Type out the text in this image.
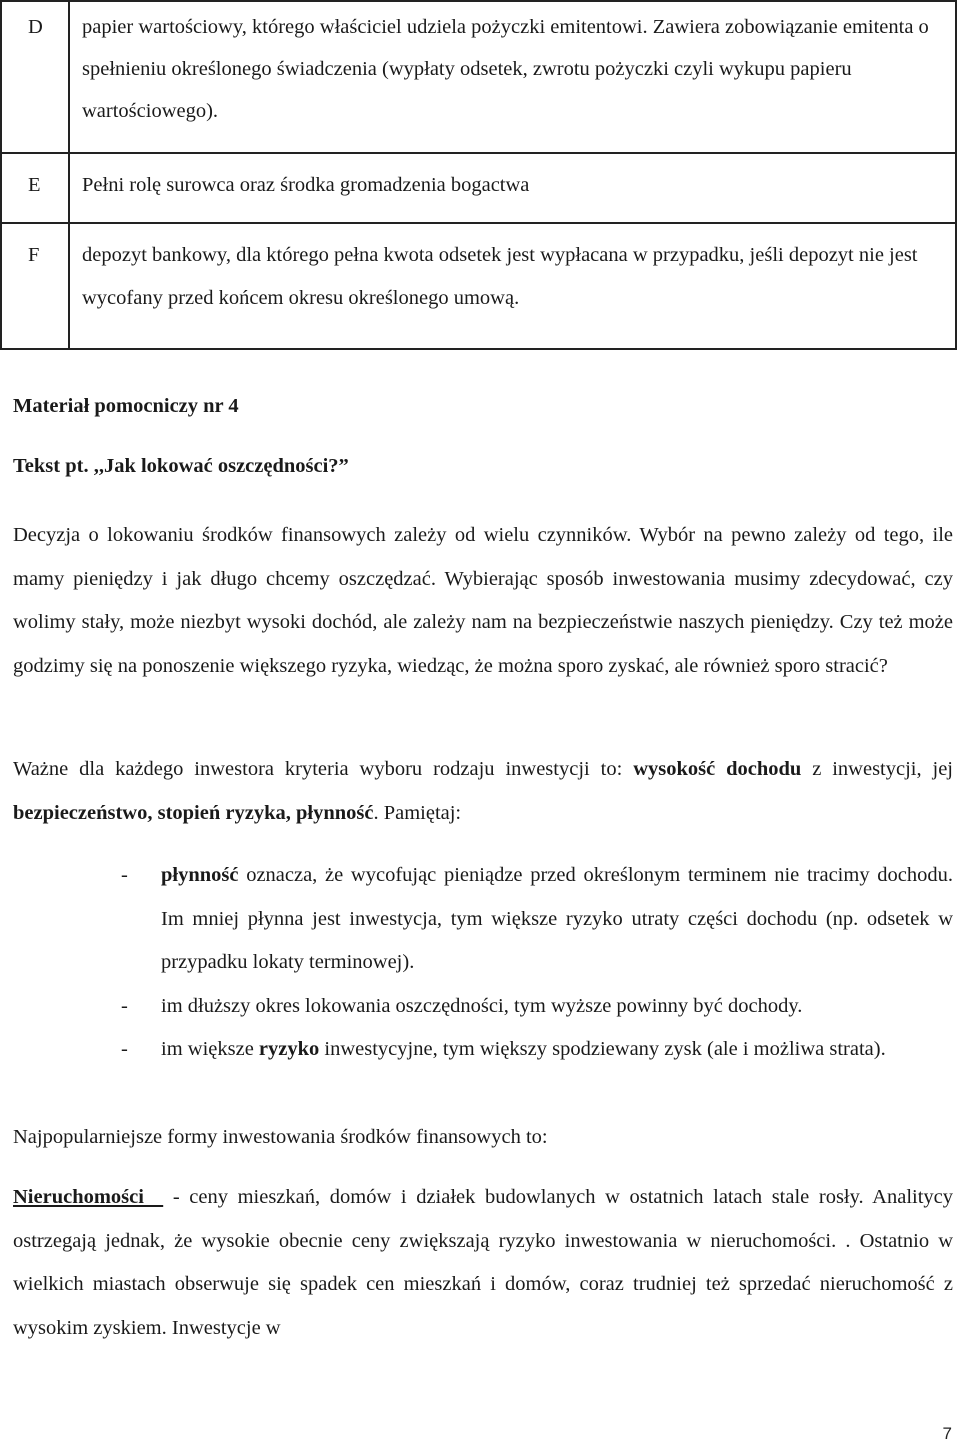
D	papier wartościowy, którego właściciel udziela pożyczki emitentowi. Zawiera zobowiązanie emitenta o spełnieniu określonego świadczenia (wypłaty odsetek, zwrotu pożyczki czyli wykupu papieru wartościowego).
E	Pełni rolę surowca oraz środka gromadzenia bogactwa
F	depozyt bankowy, dla którego pełna kwota odsetek jest wypłacana w przypadku, jeśli depozyt nie jest wycofany przed końcem okresu określonego umową.

Materiał pomocniczy nr 4

Tekst pt. ,,Jak lokować oszczędności?”

Decyzja o lokowaniu środków finansowych zależy od wielu czynników. Wybór na pewno zależy od tego, ile mamy pieniędzy i jak długo chcemy oszczędzać. Wybierając sposób inwestowania musimy zdecydować, czy wolimy stały, może niezbyt wysoki dochód, ale zależy nam na bezpieczeństwie naszych pieniędzy. Czy też może godzimy się na ponoszenie większego ryzyka, wiedząc, że można sporo zyskać, ale również sporo stracić?

Ważne dla każdego inwestora kryteria wyboru rodzaju inwestycji to: wysokość dochodu z inwestycji, jej bezpieczeństwo, stopień ryzyka, płynność. Pamiętaj:

- płynność oznacza, że wycofując pieniądze przed określonym terminem nie tracimy dochodu. Im mniej płynna jest inwestycja, tym większe ryzyko utraty części dochodu (np. odsetek w przypadku lokaty terminowej).

- im dłuższy okres lokowania oszczędności, tym wyższe powinny być dochody.

- im większe ryzyko inwestycyjne, tym większy spodziewany zysk (ale i możliwa strata).

Najpopularniejsze formy inwestowania środków finansowych to:

Nieruchomości   - ceny mieszkań, domów i działek budowlanych w ostatnich latach stale rosły. Analitycy ostrzegają jednak, że wysokie obecnie ceny zwiększają ryzyko inwestowania w nieruchomości. . Ostatnio w wielkich miastach obserwuje się spadek cen mieszkań i domów, coraz trudniej też sprzedać nieruchomość z wysokim zyskiem. Inwestycje w

7
